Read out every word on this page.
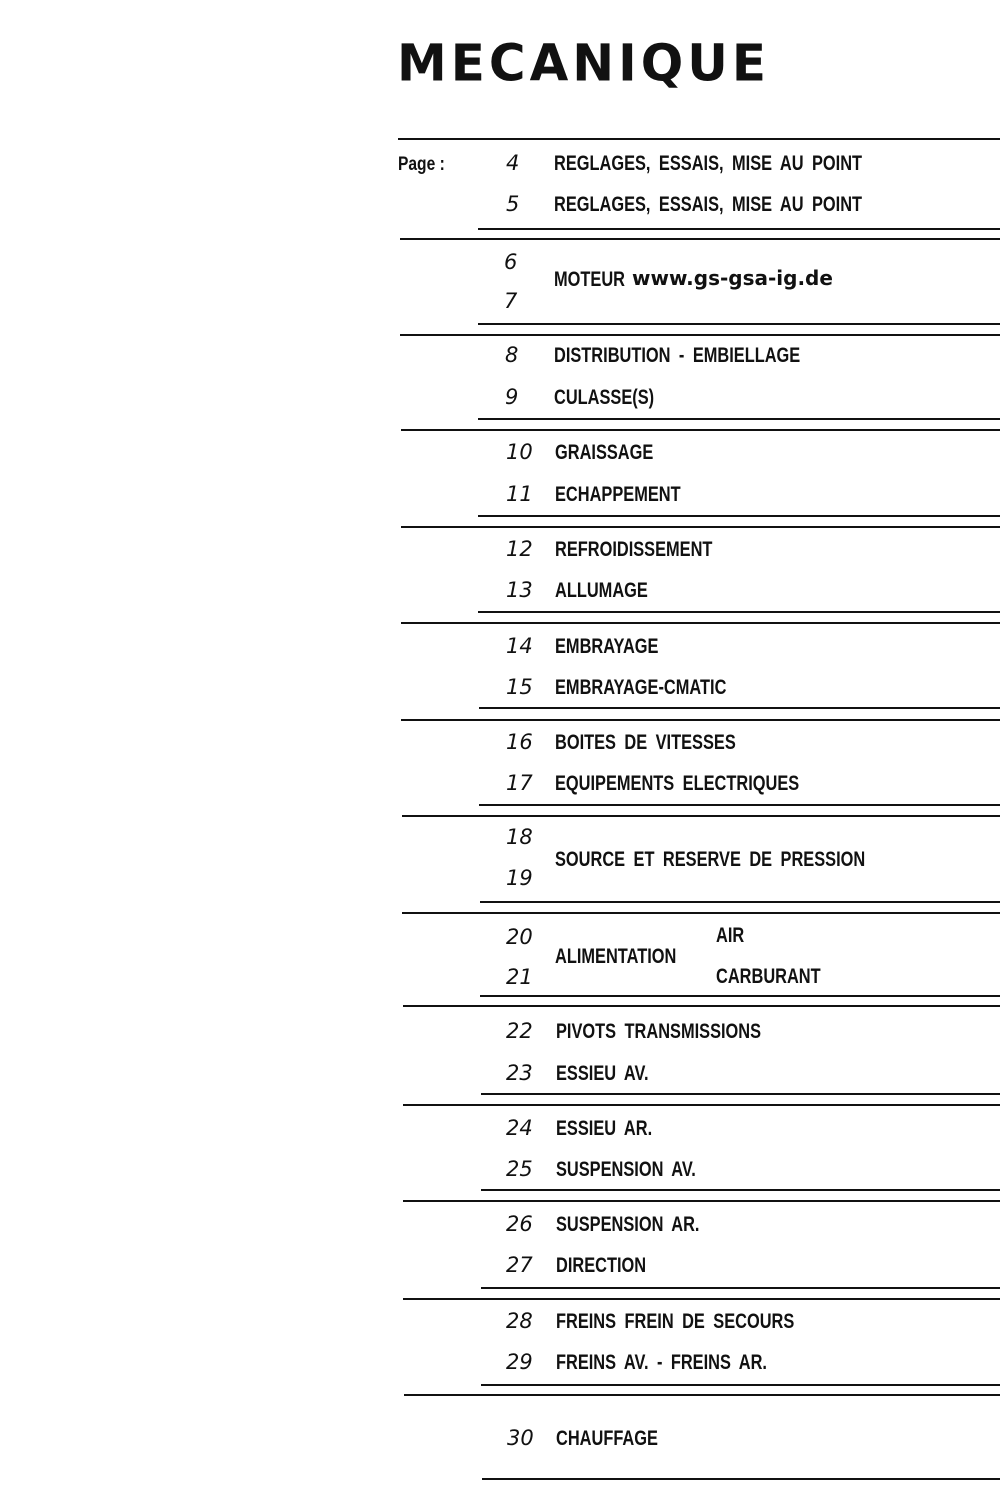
MECANIQUE
Page :	4 REGLAGES, ESSAIS, MISE AU POINT
5 REGLAGES, ESSAIS, MISE AU POINT
6
7
MOTEUR www.gs-gsa-ig.de
8 DISTRIBUTION - EMBIELLAGE
9 CULASSE(S)
10 GRAISSAGE
11 ECHAPPEMENT
12 REFROIDISSEMENT
13 ALLUMAGE
14 EMBRAYAGE
15 EMBRAYAGE-CMATIC
16 BOITES DE VITESSES
17 EQUIPEMENTS ELECTRIQUES
18
19
SOURCE ET RESERVE DE PRESSION
20
21
ALIMENTATION
AIR
CARBURANT
22 PIVOTS TRANSMISSIONS
23 ESSIEU AV.
24 ESSIEU AR.
25 SUSPENSION AV.
26 SUSPENSION AR.
27 DIRECTION
28 FREINS FREIN DE SECOURS
29 FREINS AV. - FREINS AR.
30 CHAUFFAGE
